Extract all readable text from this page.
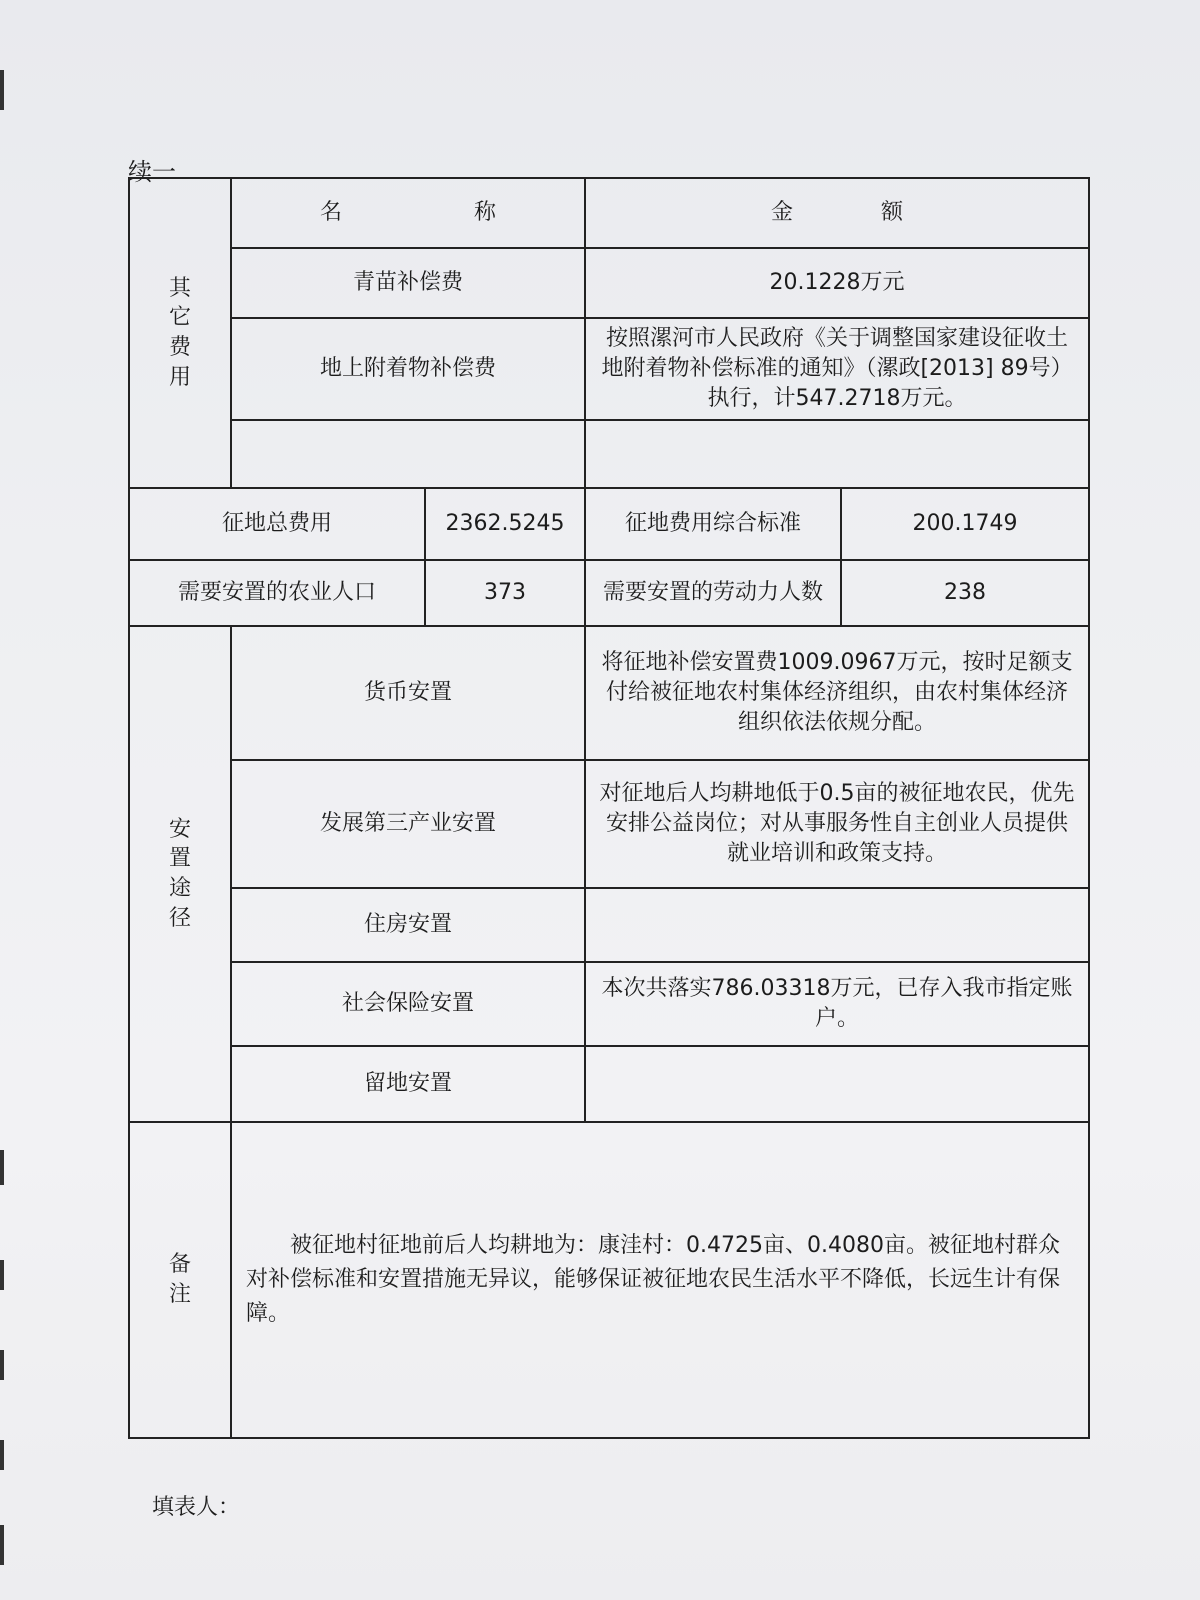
续一
其它费用	名　　　　　　称		金　　　　额	
	青苗补偿费		20.1228万元	
	地上附着物补偿费		按照漯河市人民政府《关于调整国家建设征收土地附着物补偿标准的通知》（漯政[2013] 89号）执行，计547.2718万元。	

征地总费用		2362.5245	征地费用综合标准	200.1749
需要安置的农业人口		373	需要安置的劳动力人数	238
安置途径	货币安置		将征地补偿安置费1009.0967万元，按时足额支付给被征地农村集体经济组织，由农村集体经济组织依法依规分配。	
	发展第三产业安置		对征地后人均耕地低于0.5亩的被征地农民，优先安排公益岗位；对从事服务性自主创业人员提供就业培训和政策支持。	
	住房安置			
	社会保险安置		本次共落实786.03318万元，已存入我市指定账户。	
	留地安置			
备注	被征地村征地前后人均耕地为：康洼村：0.4725亩、0.4080亩。被征地村群众对补偿标准和安置措施无异议，能够保证被征地农民生活水平不降低，长远生计有保障。			
填表人：
